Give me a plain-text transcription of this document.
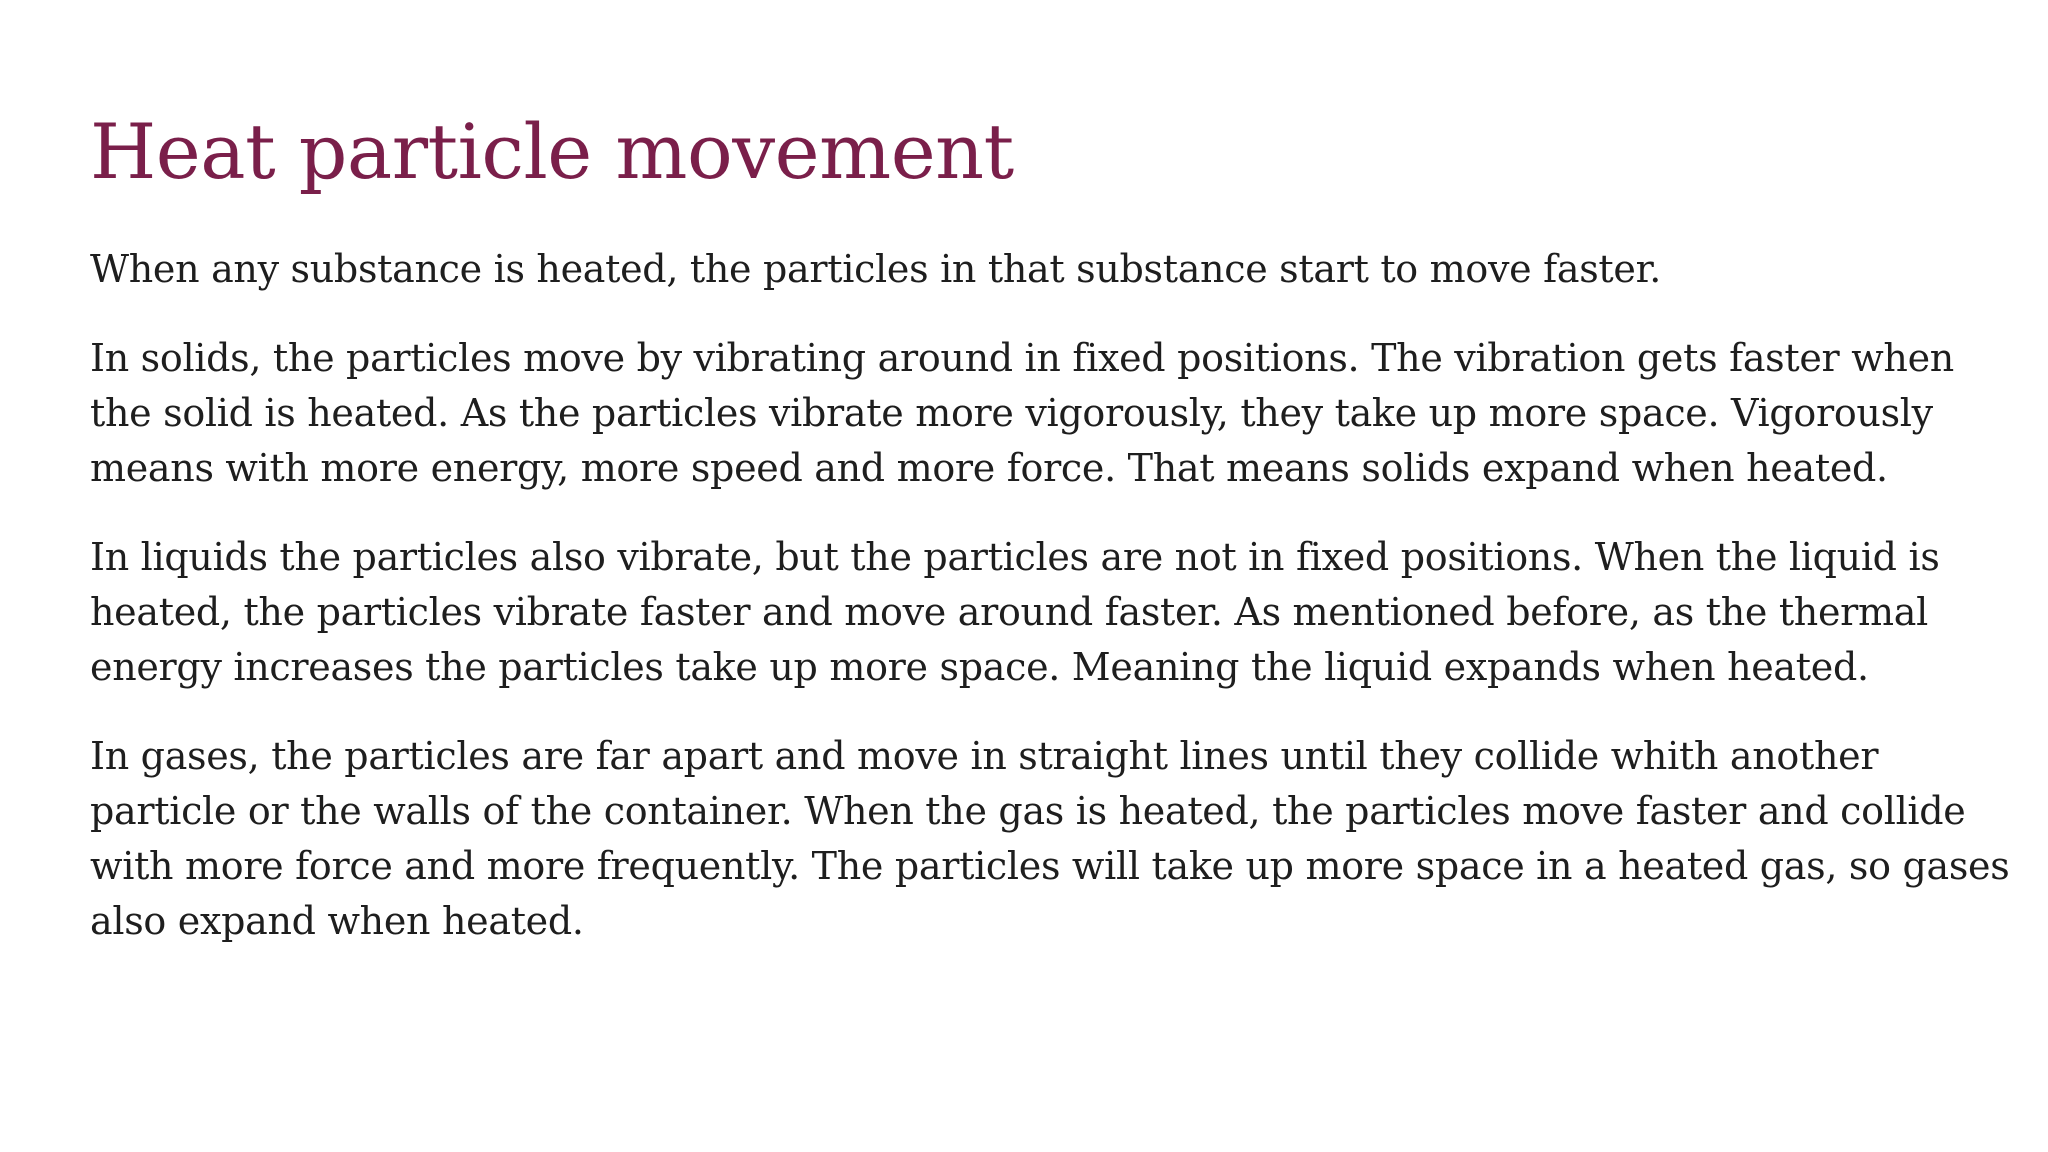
Heat particle movement

When any substance is heated, the particles in that substance start to move faster.

In solids, the particles move by vibrating around in fixed positions. The vibration gets faster when the solid is heated. As the particles vibrate more vigorously, they take up more space. Vigorously means with more energy, more speed and more force. That means solids expand when heated.

In liquids the particles also vibrate, but the particles are not in fixed positions. When the liquid is heated, the particles vibrate faster and move around faster. As mentioned before, as the thermal energy increases the particles take up more space. Meaning the liquid expands when heated.

In gases, the particles are far apart and move in straight lines until they collide whith another particle or the walls of the container. When the gas is heated, the particles move faster and collide with more force and more frequently. The particles will take up more space in a heated gas, so gases also expand when heated.
